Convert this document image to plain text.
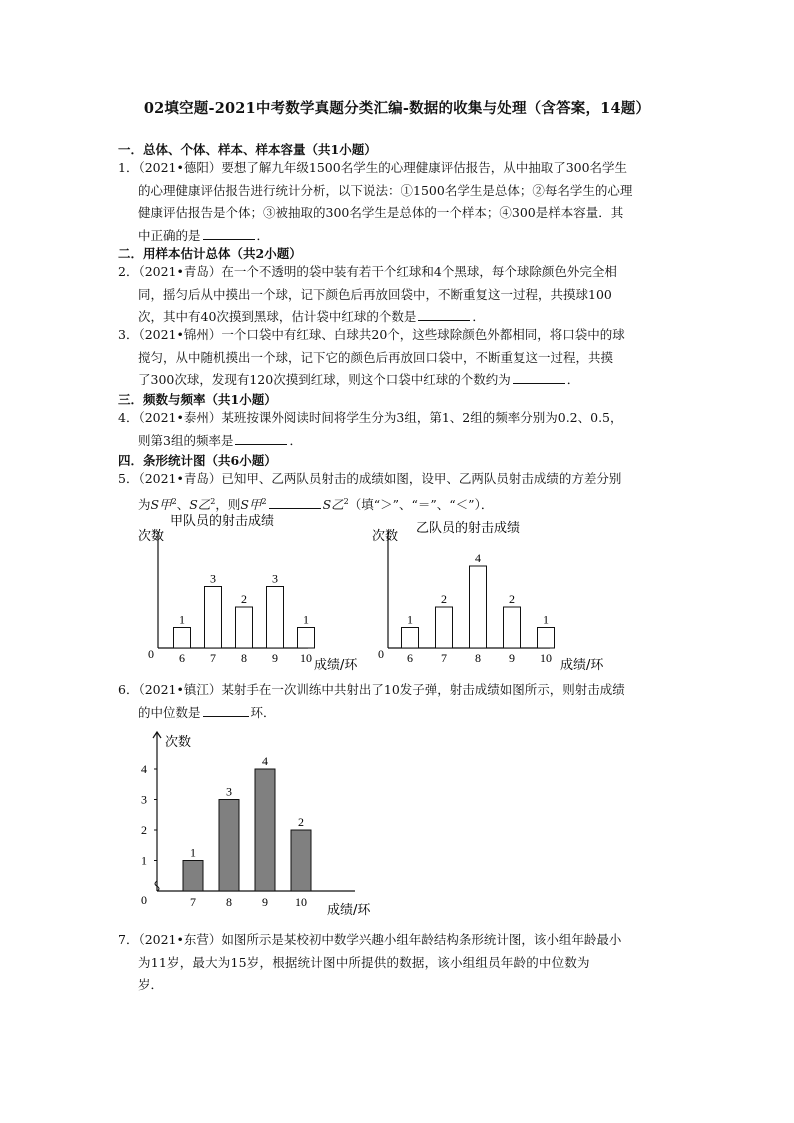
02填空题-2021中考数学真题分类汇编-数据的收集与处理（含答案，14题）
一．总体、个体、样本、样本容量（共1小题）
1．（2021•德阳）要想了解九年级1500名学生的心理健康评估报告，从中抽取了300名学生
的心理健康评估报告进行统计分析，以下说法：①1500名学生是总体；②每名学生的心理
健康评估报告是个体；③被抽取的300名学生是总体的一个样本；④300是样本容量．其
中正确的是	．
二．用样本估计总体（共2小题）
2．（2021•青岛）在一个不透明的袋中装有若干个红球和4个黑球，每个球除颜色外完全相
同，摇匀后从中摸出一个球，记下颜色后再放回袋中，不断重复这一过程，共摸球100
次，其中有40次摸到黑球，估计袋中红球的个数是	．
3．（2021•锦州）一个口袋中有红球、白球共20个，这些球除颜色外都相同，将口袋中的球
搅匀，从中随机摸出一个球，记下它的颜色后再放回口袋中，不断重复这一过程，共摸
了300次球，发现有120次摸到红球，则这个口袋中红球的个数约为	．
三．频数与频率（共1小题）
4．（2021•泰州）某班按课外阅读时间将学生分为3组，第1、2组的频率分别为0.2、0.5，
则第3组的频率是	．
四．条形统计图（共6小题）
5．（2021•青岛）已知甲、乙两队员射击的成绩如图，设甲、乙两队员射击成绩的方差分别
为S甲$^2$、S乙$^2$，则S甲$^2$	S乙$^2$（填“＞”、“＝”、“＜”）．
甲队员的射击成绩
次数
成绩/环
0
1
6
3
7
2
8
3
9
1
10
乙队员的射击成绩
次数
成绩/环
0
1
6
2
7
4
8
2
9
1
10
6．（2021•镇江）某射手在一次训练中共射出了10发子弹，射击成绩如图所示，则射击成绩
的中位数是	环．
次数
成绩/环
0
1
2
3
4
1
7
3
8
4
9
2
10
7．（2021•东营）如图所示是某校初中数学兴趣小组年龄结构条形统计图，该小组年龄最小
为11岁，最大为15岁，根据统计图中所提供的数据，该小组组员年龄的中位数为
岁．
